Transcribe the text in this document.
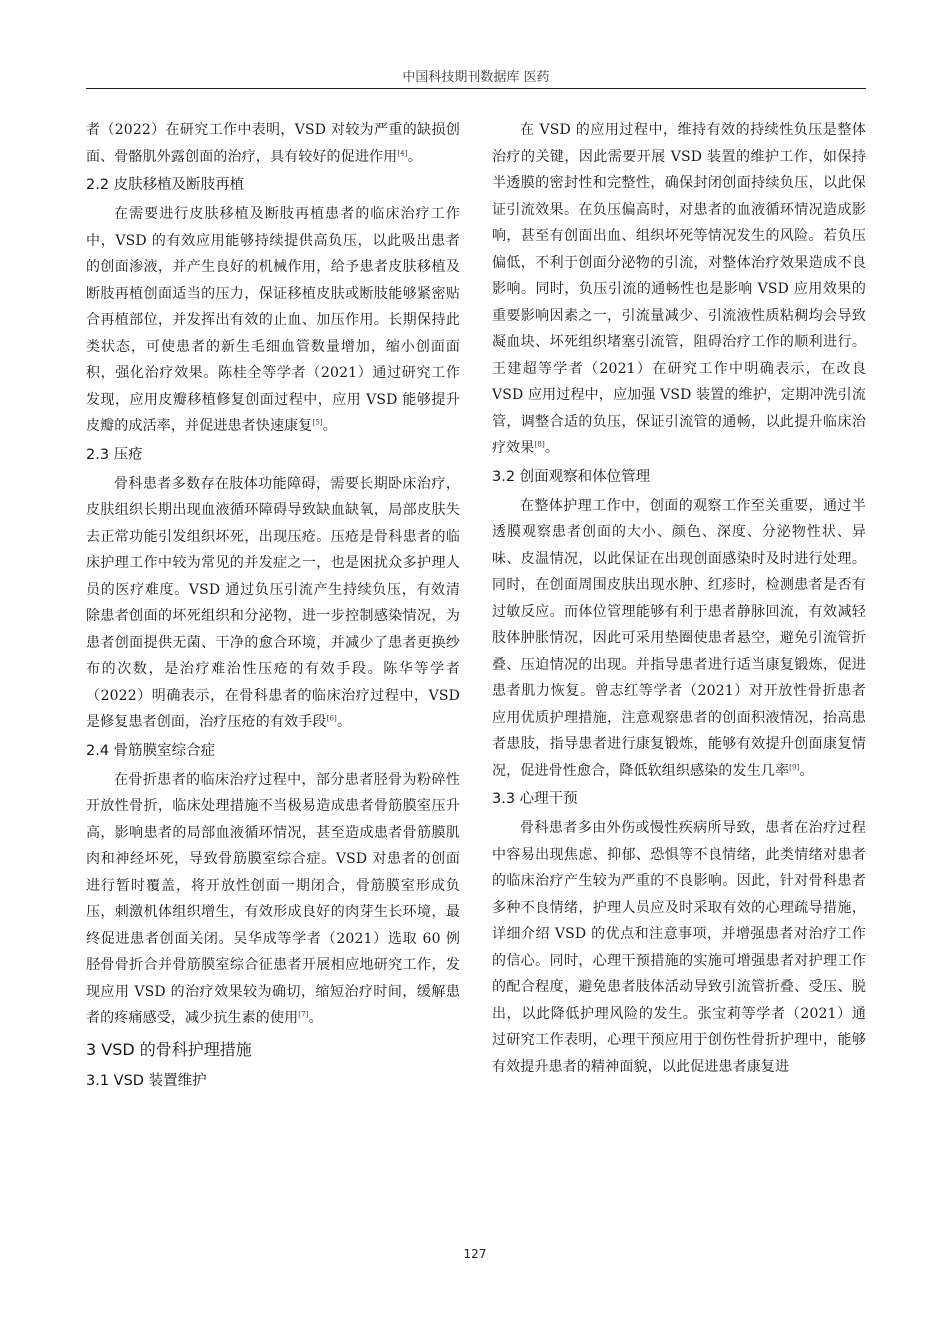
中国科技期刊数据库 医药

者（2022）在研究工作中表明，VSD 对较为严重的缺损创面、骨骼肌外露创面的治疗，具有较好的促进作用[4]。

2.2 皮肤移植及断肢再植

在需要进行皮肤移植及断肢再植患者的临床治疗工作中，VSD 的有效应用能够持续提供高负压，以此吸出患者的创面渗液，并产生良好的机械作用，给予患者皮肤移植及断肢再植创面适当的压力，保证移植皮肤或断肢能够紧密贴合再植部位，并发挥出有效的止血、加压作用。长期保持此类状态，可使患者的新生毛细血管数量增加，缩小创面面积，强化治疗效果。陈桂全等学者（2021）通过研究工作发现，应用皮瓣移植修复创面过程中，应用 VSD 能够提升皮瓣的成活率，并促进患者快速康复[5]。

2.3 压疮

骨科患者多数存在肢体功能障碍，需要长期卧床治疗，皮肤组织长期出现血液循环障碍导致缺血缺氧，局部皮肤失去正常功能引发组织坏死，出现压疮。压疮是骨科患者的临床护理工作中较为常见的并发症之一，也是困扰众多护理人员的医疗难度。VSD 通过负压引流产生持续负压，有效清除患者创面的坏死组织和分泌物，进一步控制感染情况，为患者创面提供无菌、干净的愈合环境，并减少了患者更换纱布的次数，是治疗难治性压疮的有效手段。陈华等学者（2022）明确表示，在骨科患者的临床治疗过程中，VSD 是修复患者创面，治疗压疮的有效手段[6]。

2.4 骨筋膜室综合症

在骨折患者的临床治疗过程中，部分患者胫骨为粉碎性开放性骨折，临床处理措施不当极易造成患者骨筋膜室压升高，影响患者的局部血液循环情况，甚至造成患者骨筋膜肌肉和神经坏死，导致骨筋膜室综合症。VSD 对患者的创面进行暂时覆盖，将开放性创面一期闭合，骨筋膜室形成负压，刺激机体组织增生，有效形成良好的肉芽生长环境，最终促进患者创面关闭。吴华成等学者（2021）选取 60 例胫骨骨折合并骨筋膜室综合征患者开展相应地研究工作，发现应用 VSD 的治疗效果较为确切，缩短治疗时间，缓解患者的疼痛感受，减少抗生素的使用[7]。

3 VSD 的骨科护理措施
3.1 VSD 装置维护

在 VSD 的应用过程中，维持有效的持续性负压是整体治疗的关键，因此需要开展 VSD 装置的维护工作，如保持半透膜的密封性和完整性，确保封闭创面持续负压，以此保证引流效果。在负压偏高时，对患者的血液循环情况造成影响，甚至有创面出血、组织坏死等情况发生的风险。若负压偏低，不利于创面分泌物的引流，对整体治疗效果造成不良影响。同时，负压引流的通畅性也是影响 VSD 应用效果的重要影响因素之一，引流量减少、引流液性质粘稠均会导致凝血块、坏死组织堵塞引流管，阻碍治疗工作的顺利进行。王建超等学者（2021）在研究工作中明确表示，在改良 VSD 应用过程中，应加强 VSD 装置的维护，定期冲洗引流管，调整合适的负压，保证引流管的通畅，以此提升临床治疗效果[8]。

3.2 创面观察和体位管理

在整体护理工作中，创面的观察工作至关重要，通过半透膜观察患者创面的大小、颜色、深度、分泌物性状、异味、皮温情况，以此保证在出现创面感染时及时进行处理。同时，在创面周围皮肤出现水肿、红疹时，检测患者是否有过敏反应。而体位管理能够有利于患者静脉回流，有效减轻肢体肿胀情况，因此可采用垫圈使患者悬空，避免引流管折叠、压迫情况的出现。并指导患者进行适当康复锻炼，促进患者肌力恢复。曾志红等学者（2021）对开放性骨折患者应用优质护理措施，注意观察患者的创面积液情况，抬高患者患肢，指导患者进行康复锻炼，能够有效提升创面康复情况，促进骨性愈合，降低软组织感染的发生几率[9]。

3.3 心理干预

骨科患者多由外伤或慢性疾病所导致，患者在治疗过程中容易出现焦虑、抑郁、恐惧等不良情绪，此类情绪对患者的临床治疗产生较为严重的不良影响。因此，针对骨科患者多种不良情绪，护理人员应及时采取有效的心理疏导措施，详细介绍 VSD 的优点和注意事项，并增强患者对治疗工作的信心。同时，心理干预措施的实施可增强患者对护理工作的配合程度，避免患者肢体活动导致引流管折叠、受压、脱出，以此降低护理风险的发生。张宝莉等学者（2021）通过研究工作表明，心理干预应用于创伤性骨折护理中，能够有效提升患者的精神面貌，以此促进患者康复进

127
